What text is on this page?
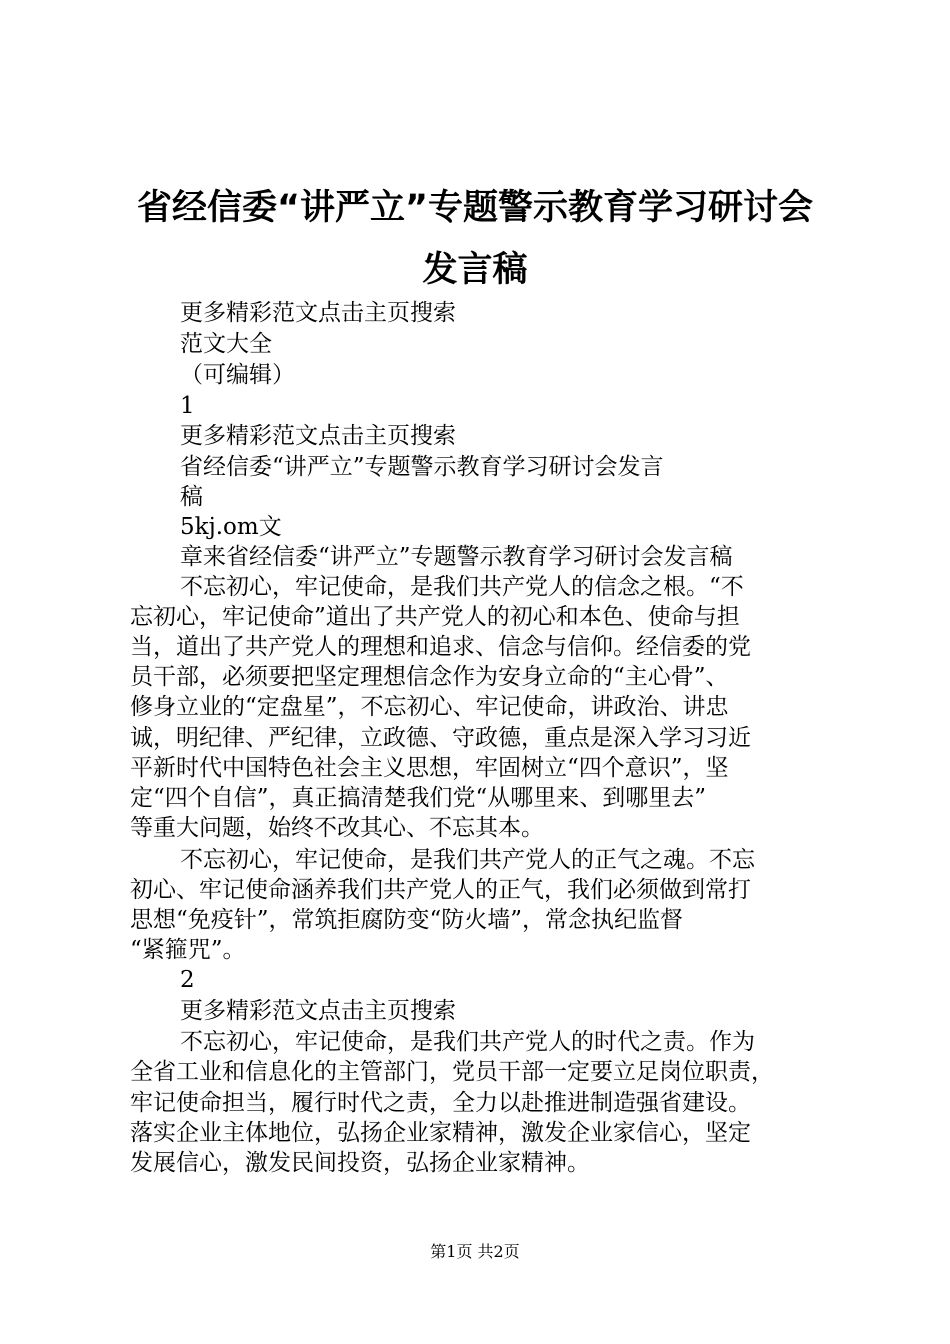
省经信委“讲严立”专题警示教育学习研讨会
发言稿

更多精彩范文点击主页搜索

范文大全

（可编辑）

1

更多精彩范文点击主页搜索

省经信委“讲严立”专题警示教育学习研讨会发言

稿

5kj.om文

章来省经信委“讲严立”专题警示教育学习研讨会发言稿

不忘初心，牢记使命，是我们共产党人的信念之根。“不

忘初心，牢记使命”道出了共产党人的初心和本色、使命与担

当，道出了共产党人的理想和追求、信念与信仰。经信委的党

员干部，必须要把坚定理想信念作为安身立命的“主心骨”、

修身立业的“定盘星”，不忘初心、牢记使命，讲政治、讲忠

诚，明纪律、严纪律，立政德、守政德，重点是深入学习习近

平新时代中国特色社会主义思想，牢固树立“四个意识”，坚

定“四个自信”，真正搞清楚我们党“从哪里来、到哪里去”

等重大问题，始终不改其心、不忘其本。

不忘初心，牢记使命，是我们共产党人的正气之魂。不忘

初心、牢记使命涵养我们共产党人的正气，我们必须做到常打

思想“免疫针”，常筑拒腐防变“防火墙”，常念执纪监督

“紧箍咒”。

2

更多精彩范文点击主页搜索

不忘初心，牢记使命，是我们共产党人的时代之责。作为

全省工业和信息化的主管部门，党员干部一定要立足岗位职责，

牢记使命担当，履行时代之责，全力以赴推进制造强省建设。

落实企业主体地位，弘扬企业家精神，激发企业家信心，坚定

发展信心，激发民间投资，弘扬企业家精神。

第1页 共2页
